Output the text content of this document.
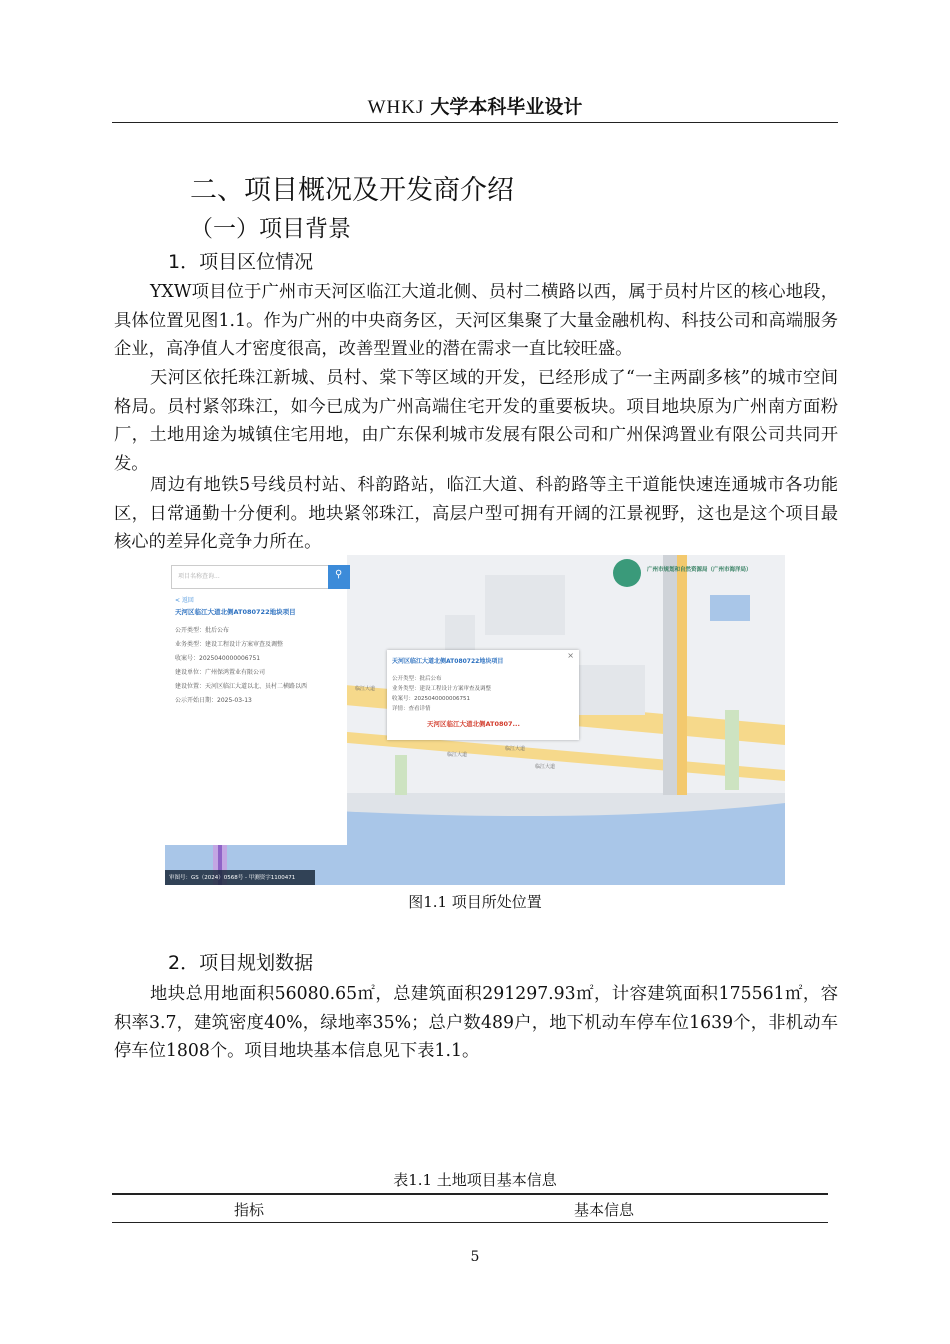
WHKJ 大学本科毕业设计
二、项目概况及开发商介绍
（一）项目背景
1．项目区位情况
YXW项目位于广州市天河区临江大道北侧、员村二横路以西，属于员村片区的核心地段，具体位置见图1.1。作为广州的中央商务区，天河区集聚了大量金融机构、科技公司和高端服务企业，高净值人才密度很高，改善型置业的潜在需求一直比较旺盛。
天河区依托珠江新城、员村、棠下等区域的开发，已经形成了“一主两副多核”的城市空间格局。员村紧邻珠江，如今已成为广州高端住宅开发的重要板块。项目地块原为广州南方面粉厂，土地用途为城镇住宅用地，由广东保利城市发展有限公司和广州保鸿置业有限公司共同开发。
周边有地铁5号线员村站、科韵路站，临江大道、科韵路等主干道能快速连通城市各功能区，日常通勤十分便利。地块紧邻珠江，高层户型可拥有开阔的江景视野，这也是这个项目最核心的差异化竞争力所在。
项目名称查询...	⚲
< 返回
天河区临江大道北侧AT080722地块项目
公开类型：批后公布
业务类型：建设工程设计方案审查及调整
收案号：2025040000006751
建设单位：广州保鸿置业有限公司
建设位置：天河区临江大道以北、员村二横路以西
公示开始日期：2025-03-13
天河区临江大道北侧AT080722地块项目
×
公开类型：批后公布
业务类型：建设工程设计方案审查及调整
收案号：2025040000006751
详情：查看详情
天河区临江大道北侧AT0807...
广州市规划和自然资源局（广州市海洋局）
临江大道
临江大道
临江大道
临江大道
审图号：GS（2024）0568号 - 甲测资字1100471
图1.1 项目所处位置
2．项目规划数据
地块总用地面积56080.65㎡，总建筑面积291297.93㎡，计容建筑面积175561㎡，容积率3.7，建筑密度40%，绿地率35%；总户数489户，地下机动车停车位1639个，非机动车停车位1808个。项目地块基本信息见下表1.1。
表1.1 土地项目基本信息
指标	基本信息
5
